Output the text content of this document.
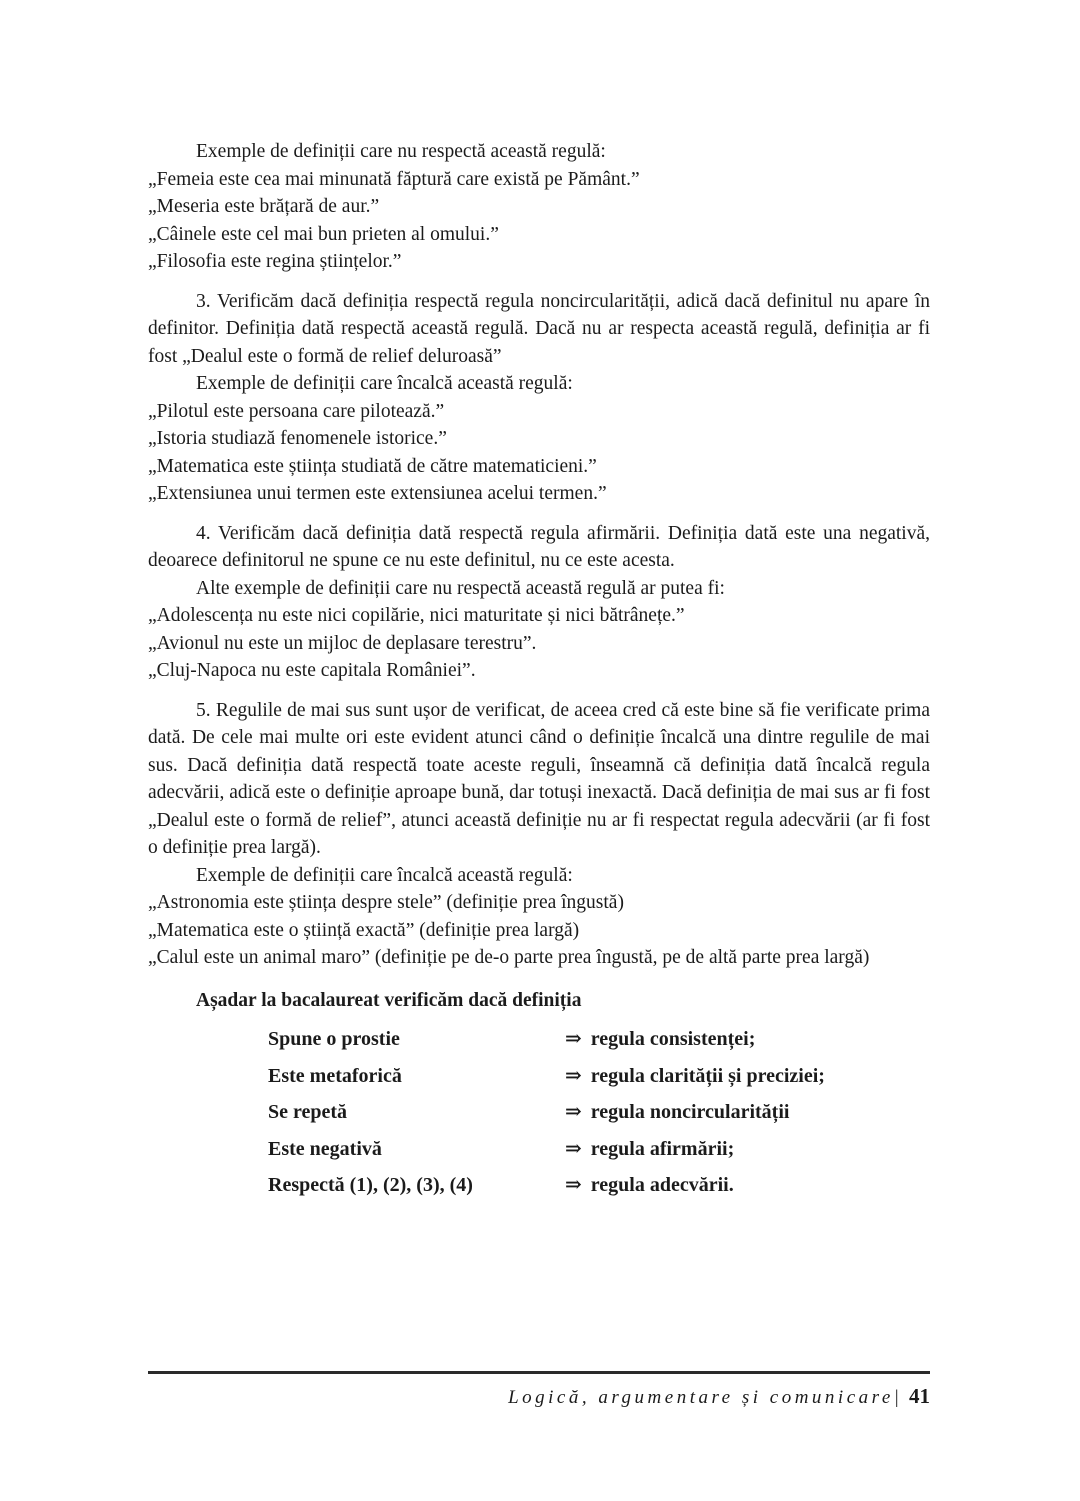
Exemple de definiții care nu respectă această regulă:

„Femeia este cea mai minunată făptură care există pe Pământ.”

„Meseria este brățară de aur.”

„Câinele este cel mai bun prieten al omului.”

„Filosofia este regina științelor.”

3. Verificăm dacă definiția respectă regula noncircularității, adică dacă definitul nu apare în definitor. Definiția dată respectă această regulă. Dacă nu ar respecta această regulă, definiția ar fi fost „Dealul este o formă de relief deluroasă”

Exemple de definiții care încalcă această regulă:

„Pilotul este persoana care pilotează.”

„Istoria studiază fenomenele istorice.”

„Matematica este știința studiată de către matematicieni.”

„Extensiunea unui termen este extensiunea acelui termen.”

4. Verificăm dacă definiția dată respectă regula afirmării. Definiția dată este una negativă, deoarece definitorul ne spune ce nu este definitul, nu ce este acesta.

Alte exemple de definiții care nu respectă această regulă ar putea fi:

„Adolescența nu este nici copilărie, nici maturitate și nici bătrânețe.”

„Avionul nu este un mijloc de deplasare terestru”.

„Cluj-Napoca nu este capitala României”.

5. Regulile de mai sus sunt ușor de verificat, de aceea cred că este bine să fie verificate prima dată. De cele mai multe ori este evident atunci când o definiție încalcă una dintre regulile de mai sus. Dacă definiția dată respectă toate aceste reguli, înseamnă că definiția dată încalcă regula adecvării, adică este o definiție aproape bună, dar totuși inexactă. Dacă definiția de mai sus ar fi fost „Dealul este o formă de relief”, atunci această definiție nu ar fi respectat regula adecvării (ar fi fost o definiție prea largă).

Exemple de definiții care încalcă această regulă:

„Astronomia este știința despre stele” (definiție prea îngustă)

„Matematica este o știință exactă” (definiție prea largă)

„Calul este un animal maro” (definiție pe de-o parte prea îngustă, pe de altă parte prea largă)

Așadar la bacalaureat verificăm dacă definiția

Spune o prostie	⇒ regula consistenței;
Este metaforică	⇒ regula clarității și preciziei;
Se repetă	⇒ regula noncircularității
Este negativă	⇒ regula afirmării;
Respectă (1), (2), (3), (4)	⇒ regula adecvării.
Logică, argumentare și comunicare| 41
